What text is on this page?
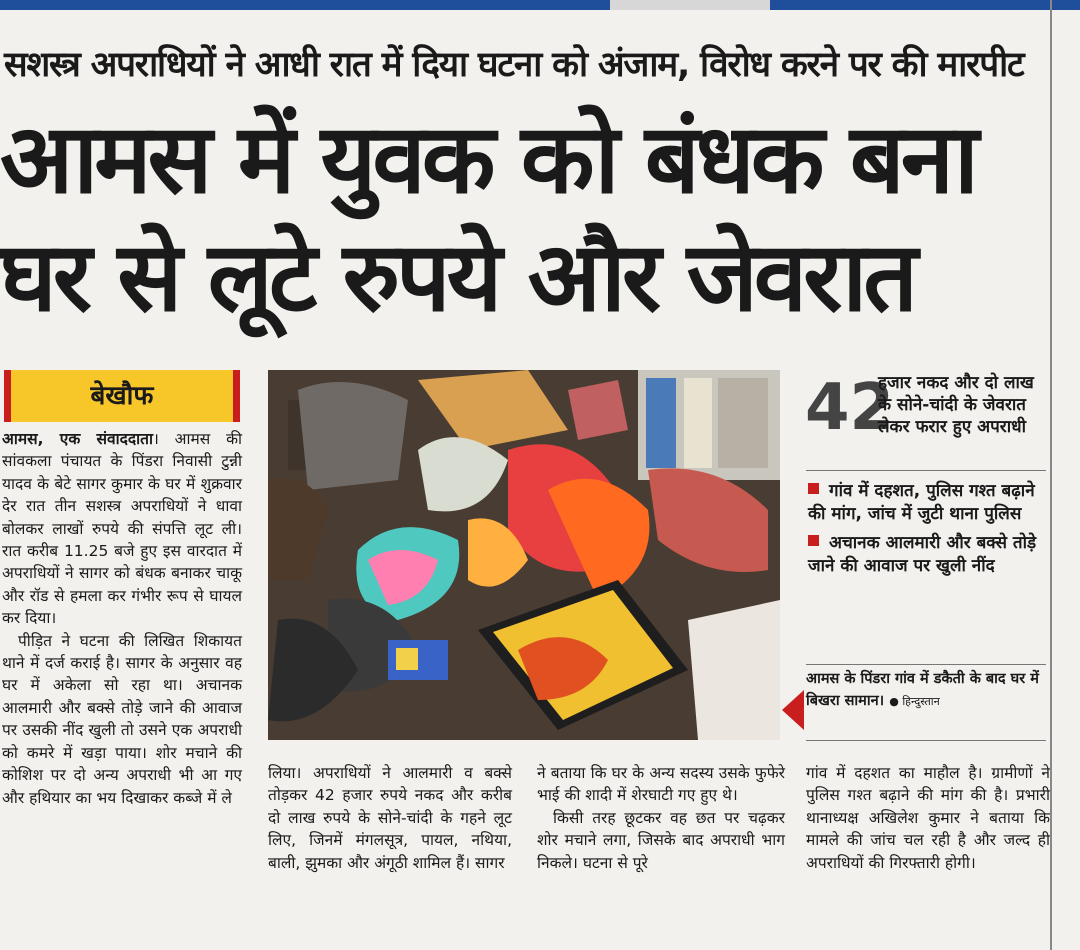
सशस्त्र अपराधियों ने आधी रात में दिया घटना को अंजाम, विरोध करने पर की मारपीट
आमस में युवक को बंधक बना
घर से लूटे रुपये और जेवरात
बेखौफ
आमस, एक संवाददाता। आमस की सांवकला पंचायत के पिंडरा निवासी टुन्नी यादव के बेटे सागर कुमार के घर में शुक्रवार देर रात तीन सशस्त्र अपराधियों ने धावा बोलकर लाखों रुपये की संपत्ति लूट ली। रात करीब 11.25 बजे हुए इस वारदात में अपराधियों ने सागर को बंधक बनाकर चाकू और रॉड से हमला कर गंभीर रूप से घायल कर दिया।
पीड़ित ने घटना की लिखित शिकायत थाने में दर्ज कराई है। सागर के अनुसार वह घर में अकेला सो रहा था। अचानक आलमारी और बक्से तोड़े जाने की आवाज पर उसकी नींद खुली तो उसने एक अपराधी को कमरे में खड़ा पाया। शोर मचाने की कोशिश पर दो अन्य अपराधी भी आ गए और हथियार का भय दिखाकर कब्जे में ले
42
हजार नकद और दो लाख के सोने-चांदी के जेवरात लेकर फरार हुए अपराधी
गांव में दहशत, पुलिस गश्त बढ़ाने की मांग, जांच में जुटी थाना पुलिस
अचानक आलमारी और बक्से तोड़े जाने की आवाज पर खुली नींद
आमस के पिंडरा गांव में डकैती के बाद घर में बिखरा सामान। ● हिन्दुस्तान
लिया। अपराधियों ने आलमारी व बक्से तोड़कर 42 हजार रुपये नकद और करीब दो लाख रुपये के सोने-चांदी के गहने लूट लिए, जिनमें मंगलसूत्र, पायल, नथिया, बाली, झुमका और अंगूठी शामिल हैं। सागर
ने बताया कि घर के अन्य सदस्य उसके फुफेरे भाई की शादी में शेरघाटी गए हुए थे।
किसी तरह छूटकर वह छत पर चढ़कर शोर मचाने लगा, जिसके बाद अपराधी भाग निकले। घटना से पूरे
गांव में दहशत का माहौल है। ग्रामीणों ने पुलिस गश्त बढ़ाने की मांग की है। प्रभारी थानाध्यक्ष अखिलेश कुमार ने बताया कि मामले की जांच चल रही है और जल्द ही अपराधियों की गिरफ्तारी होगी।
